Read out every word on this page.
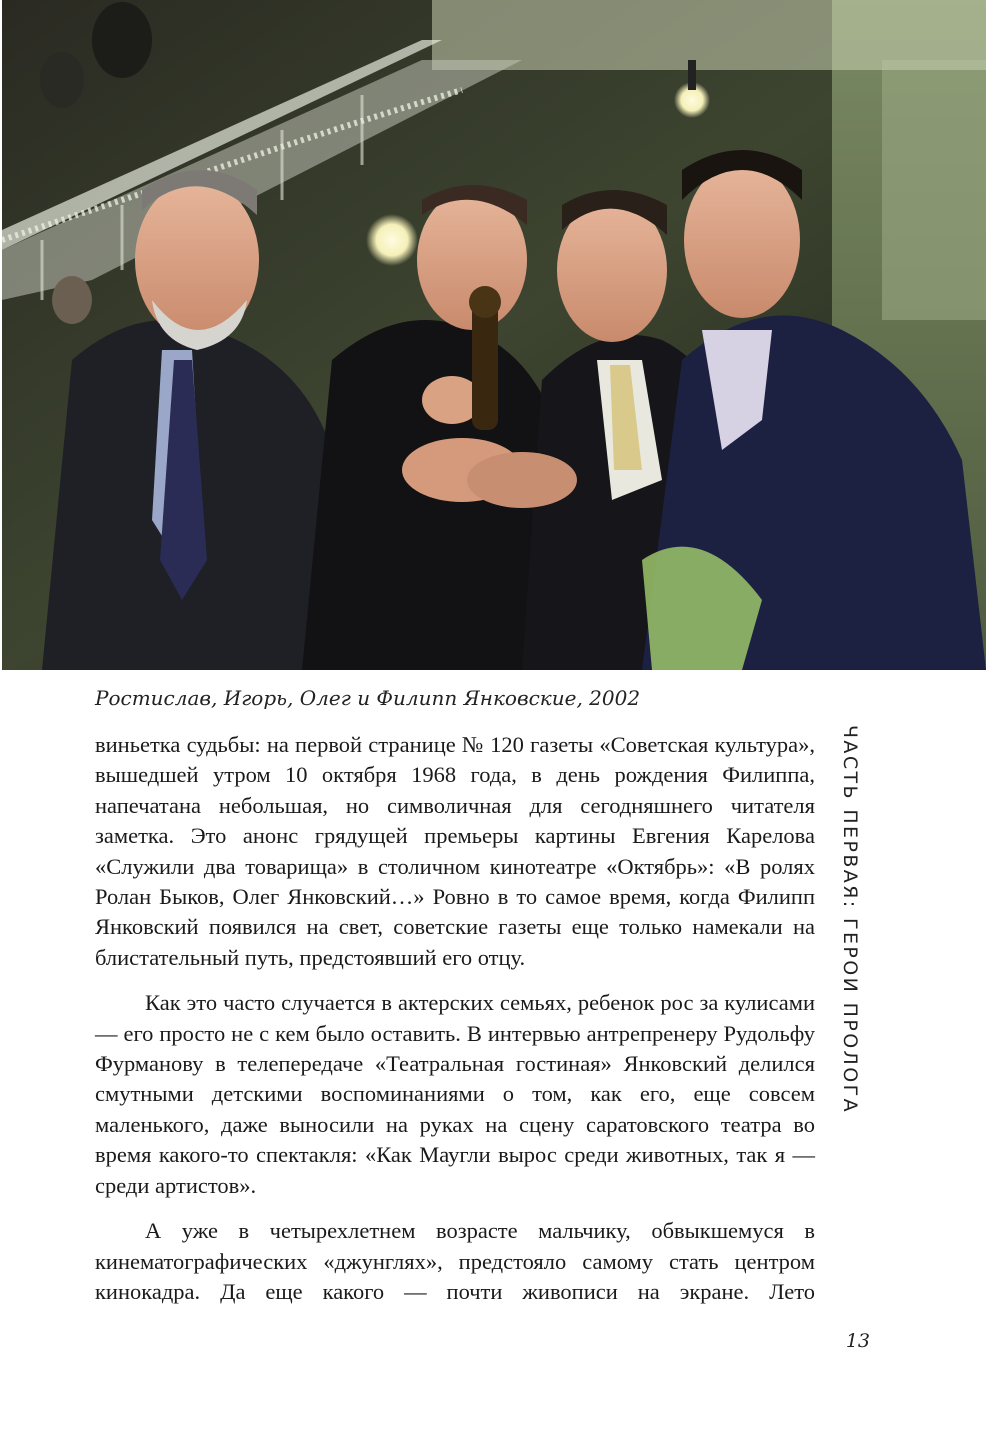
Ростислав, Игорь, Олег и Филипп Янковские, 2002

виньетка судьбы: на первой странице № 120 газеты «Советская культура», вышедшей утром 10 октября 1968 года, в день рождения Филиппа, напечатана небольшая, но символичная для сегодняшнего читателя заметка. Это анонс грядущей премьеры картины Евгения Карелова «Служили два товарища» в столичном кинотеатре «Октябрь»: «В ролях Ролан Быков, Олег Янковский…» Ровно в то самое время, когда Филипп Янковский появился на свет, советские газеты еще только намекали на блистательный путь, предстоявший его отцу.

Как это часто случается в актерских семьях, ребенок рос за кулисами — его просто не с кем было оставить. В интервью антрепренеру Рудольфу Фурманову в телепередаче «Театральная гостиная» Янковский делился смутными детскими воспоминаниями о том, как его, еще совсем маленького, даже выносили на руках на сцену саратовского театра во время какого-то спектакля: «Как Маугли вырос среди животных, так я — среди артистов».

А уже в четырехлетнем возрасте мальчику, обвыкшемуся в кинематографических «джунглях», предстояло самому стать центром кинокадра. Да еще какого — почти живописи на экране. Лето

ЧАСТЬ ПЕРВАЯ: ГЕРОИ ПРОЛОГА
13
